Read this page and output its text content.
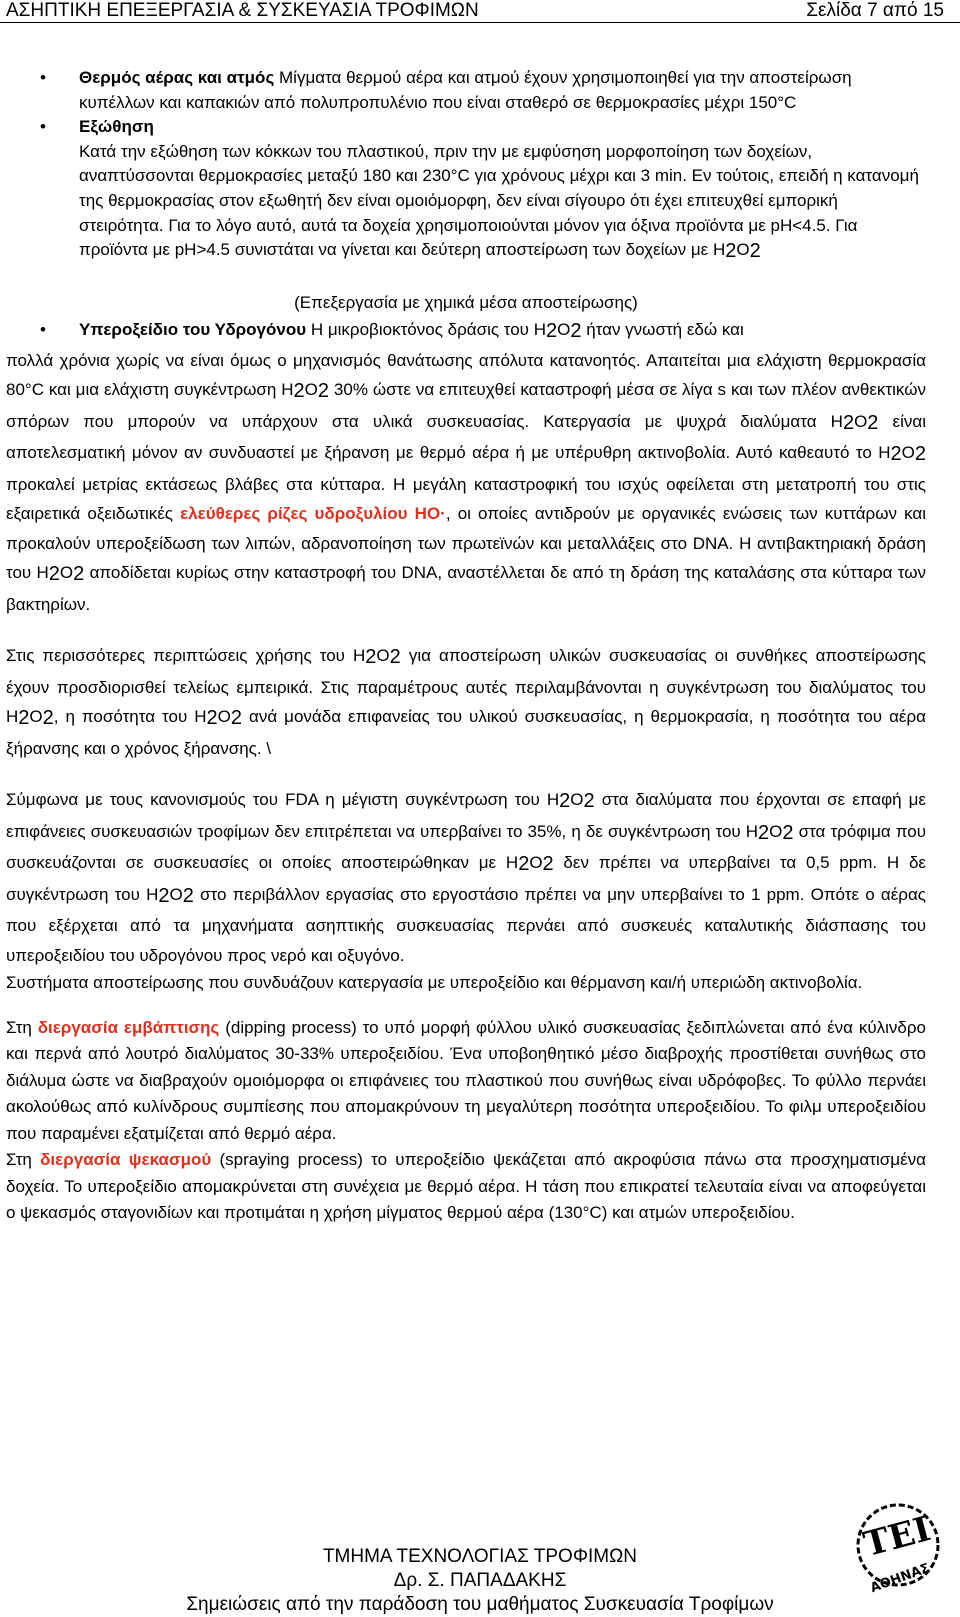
ΑΣΗΠΤΙΚΗ ΕΠΕΞΕΡΓΑΣΙΑ & ΣΥΣΚΕΥΑΣΙΑ ΤΡΟΦΙΜΩΝ	Σελίδα 7 από 15
• Θερμός αέρας και ατμός Μίγματα θερμού αέρα και ατμού έχουν χρησιμοποιηθεί για την αποστείρωση κυπέλλων και καπακιών από πολυπροπυλένιο που είναι σταθερό σε θερμοκρασίες μέχρι 150°C
• Εξώθηση
Κατά την εξώθηση των κόκκων του πλαστικού, πριν την με εμφύσηση μορφοποίηση των δοχείων, αναπτύσσονται θερμοκρασίες μεταξύ 180 και 230°C για χρόνους μέχρι και 3 min. Εν τούτοις, επειδή η κατανομή της θερμοκρασίας στον εξωθητή δεν είναι ομοιόμορφη, δεν είναι σίγουρο ότι έχει επιτευχθεί εμπορική στειρότητα. Για το λόγο αυτό, αυτά τα δοχεία χρησιμοποιούνται μόνον για όξινα προϊόντα με pH<4.5. Για προϊόντα με pH>4.5 συνιστάται να γίνεται και δεύτερη αποστείρωση των δοχείων με H2O2
(Επεξεργασία με χημικά μέσα αποστείρωσης)
• Υπεροξείδιο του Υδρογόνου Η μικροβιοκτόνος δράσις του H2O2 ήταν γνωστή εδώ και
πολλά χρόνια χωρίς να είναι όμως ο μηχανισμός θανάτωσης απόλυτα κατανοητός. Απαιτείται μια ελάχιστη θερμοκρασία 80°C και μια ελάχιστη συγκέντρωση H2O2 30% ώστε να επιτευχθεί καταστροφή μέσα σε λίγα s και των πλέον ανθεκτικών σπόρων που μπορούν να υπάρχουν στα υλικά συσκευασίας. Κατεργασία με ψυχρά διαλύματα H2O2 είναι αποτελεσματική μόνον αν συνδυαστεί με ξήρανση με θερμό αέρα ή με υπέρυθρη ακτινοβολία. Αυτό καθεαυτό το H2O2 προκαλεί μετρίας εκτάσεως βλάβες στα κύτταρα. Η μεγάλη καταστροφική του ισχύς οφείλεται στη μετατροπή του στις εξαιρετικά οξειδωτικές ελεύθερες ρίζες υδροξυλίου HO·, οι οποίες αντιδρούν με οργανικές ενώσεις των κυττάρων και προκαλούν υπεροξείδωση των λιπών, αδρανοποίηση των πρωτεϊνών και μεταλλάξεις στο DNA. Η αντιβακτηριακή δράση του H2O2 αποδίδεται κυρίως στην καταστροφή του DNA, αναστέλλεται δε από τη δράση της καταλάσης στα κύτταρα των βακτηρίων.
Στις περισσότερες περιπτώσεις χρήσης του H2O2 για αποστείρωση υλικών συσκευασίας οι συνθήκες αποστείρωσης έχουν προσδιορισθεί τελείως εμπειρικά. Στις παραμέτρους αυτές περιλαμβάνονται η συγκέντρωση του διαλύματος του H2O2, η ποσότητα του H2O2 ανά μονάδα επιφανείας του υλικού συσκευασίας, η θερμοκρασία, η ποσότητα του αέρα ξήρανσης και ο χρόνος ξήρανσης. \
Σύμφωνα με τους κανονισμούς του FDA η μέγιστη συγκέντρωση του H2O2 στα διαλύματα που έρχονται σε επαφή με επιφάνειες συσκευασιών τροφίμων δεν επιτρέπεται να υπερβαίνει το 35%, η δε συγκέντρωση του H2O2 στα τρόφιμα που συσκευάζονται σε συσκευασίες οι οποίες αποστειρώθηκαν με H2O2 δεν πρέπει να υπερβαίνει τα 0,5 ppm. Η δε συγκέντρωση του H2O2 στο περιβάλλον εργασίας στο εργοστάσιο πρέπει να μην υπερβαίνει το 1 ppm. Οπότε ο αέρας που εξέρχεται από τα μηχανήματα ασηπτικής συσκευασίας περνάει από συσκευές καταλυτικής διάσπασης του υπεροξειδίου του υδρογόνου προς νερό και οξυγόνο.
Συστήματα αποστείρωσης που συνδυάζουν κατεργασία με υπεροξείδιο και θέρμανση και/ή υπεριώδη ακτινοβολία.
Στη διεργασία εμβάπτισης (dipping process) το υπό μορφή φύλλου υλικό συσκευασίας ξεδιπλώνεται από ένα κύλινδρο και περνά από λουτρό διαλύματος 30-33% υπεροξειδίου. Ένα υποβοηθητικό μέσο διαβροχής προστίθεται συνήθως στο διάλυμα ώστε να διαβραχούν ομοιόμορφα οι επιφάνειες του πλαστικού που συνήθως είναι υδρόφοβες. Το φύλλο περνάει ακολούθως από κυλίνδρους συμπίεσης που απομακρύνουν τη μεγαλύτερη ποσότητα υπεροξειδίου. Το φιλμ υπεροξειδίου που παραμένει εξατμίζεται από θερμό αέρα.
Στη διεργασία ψεκασμού (spraying process) το υπεροξείδιο ψεκάζεται από ακροφύσια πάνω στα προσχηματισμένα δοχεία. Το υπεροξείδιο απομακρύνεται στη συνέχεια με θερμό αέρα. Η τάση που επικρατεί τελευταία είναι να αποφεύγεται ο ψεκασμός σταγονιδίων και προτιμάται η χρήση μίγματος θερμού αέρα (130°C) και ατμών υπεροξειδίου.
ΤΜΗΜΑ ΤΕΧΝΟΛΟΓΙΑΣ ΤΡΟΦΙΜΩΝ
Δρ. Σ. ΠΑΠΑΔΑΚΗΣ
Σημειώσεις από την παράδοση του μαθήματος Συσκευασία Τροφίμων
ΤΕΙ
ΑΘΗΝΑΣ
